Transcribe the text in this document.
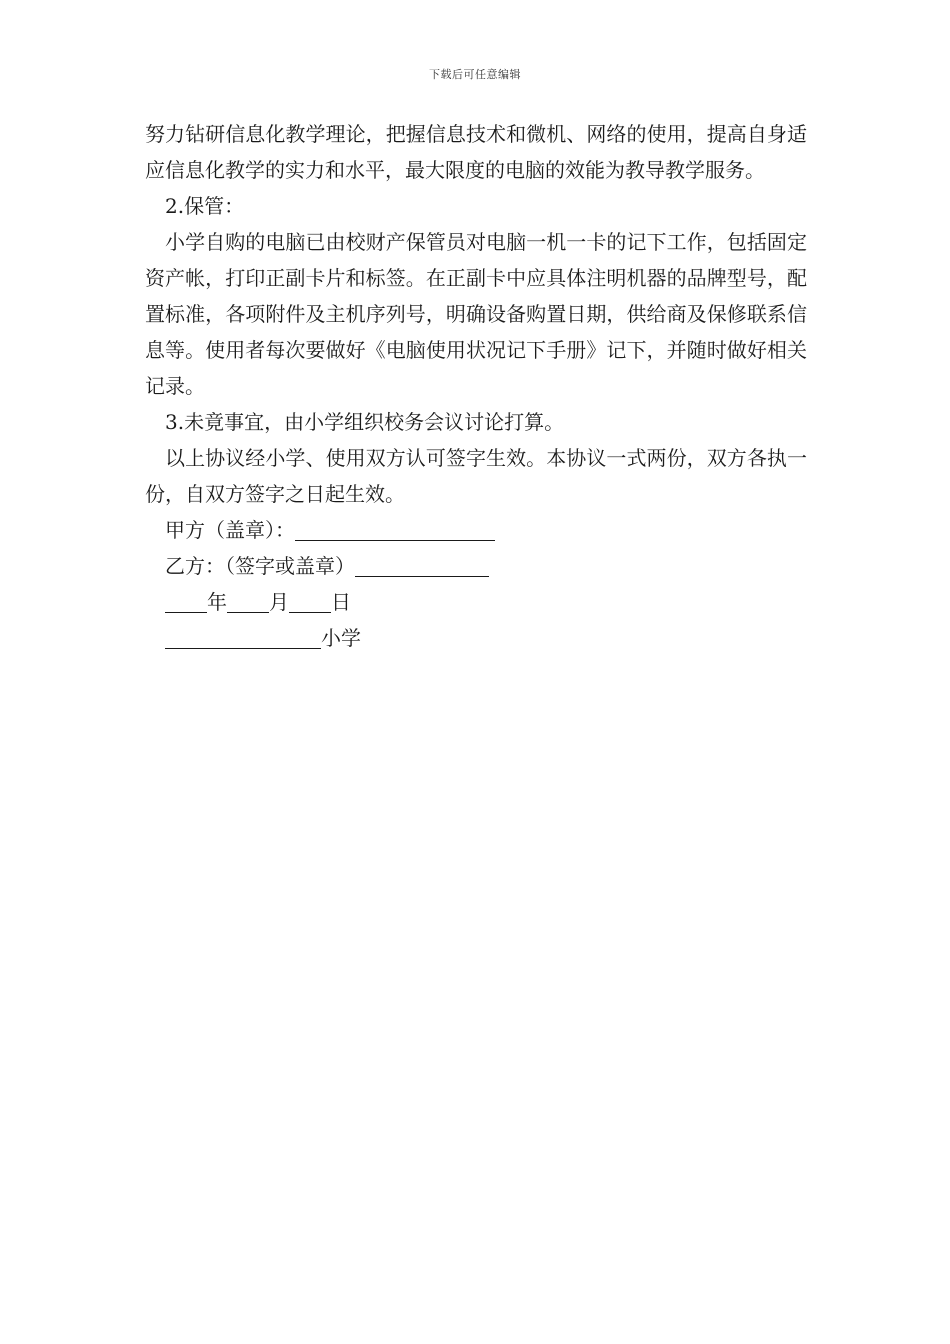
下载后可任意编辑

努力钻研信息化教学理论，把握信息技术和微机、网络的使用，提高自身适应信息化教学的实力和水平，最大限度的电脑的效能为教导教学服务。

2.保管：

小学自购的电脑已由校财产保管员对电脑一机一卡的记下工作，包括固定资产帐，打印正副卡片和标签。在正副卡中应具体注明机器的品牌型号，配置标准，各项附件及主机序列号，明确设备购置日期，供给商及保修联系信息等。使用者每次要做好《电脑使用状况记下手册》记下，并随时做好相关记录。

3.未竟事宜，由小学组织校务会议讨论打算。

以上协议经小学、使用双方认可签字生效。本协议一式两份，双方各执一份，自双方签字之日起生效。

甲方（盖章）：

乙方：（签字或盖章）

年 月 日

小学
